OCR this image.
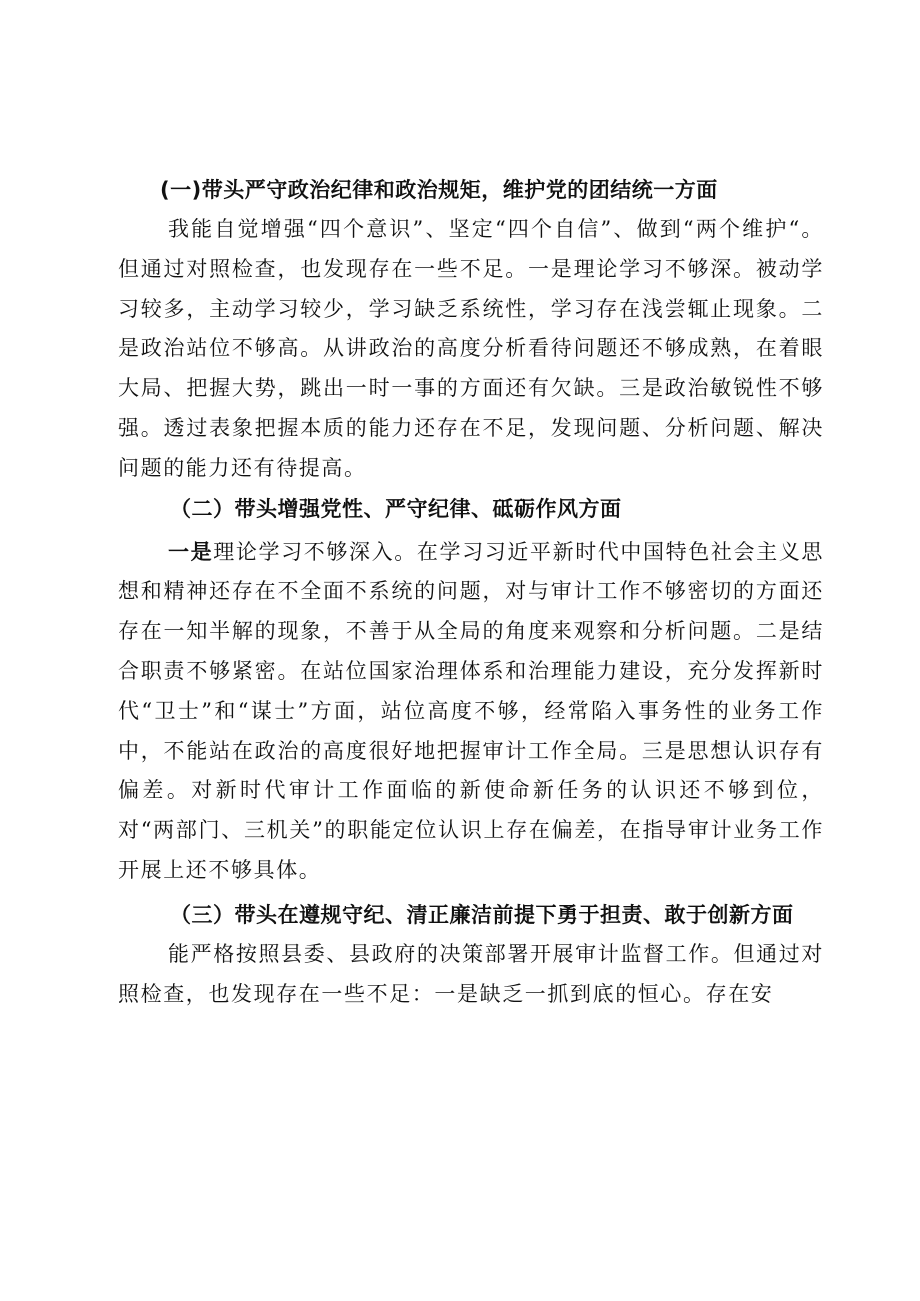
(一)带头严守政治纪律和政治规矩，维护党的团结统一方面

我能自觉增强“四个意识”、坚定“四个自信”、做到“两个维护“。但通过对照检查，也发现存在一些不足。一是理论学习不够深。被动学习较多，主动学习较少，学习缺乏系统性，学习存在浅尝辄止现象。二是政治站位不够高。从讲政治的高度分析看待问题还不够成熟，在着眼大局、把握大势，跳出一时一事的方面还有欠缺。三是政治敏锐性不够强。透过表象把握本质的能力还存在不足，发现问题、分析问题、解决问题的能力还有待提高。

（二）带头增强党性、严守纪律、砥砺作风方面

一是理论学习不够深入。在学习习近平新时代中国特色社会主义思想和精神还存在不全面不系统的问题，对与审计工作不够密切的方面还存在一知半解的现象，不善于从全局的角度来观察和分析问题。二是结合职责不够紧密。在站位国家治理体系和治理能力建设，充分发挥新时代“卫士”和“谋士”方面，站位高度不够，经常陷入事务性的业务工作中，不能站在政治的高度很好地把握审计工作全局。三是思想认识存有偏差。对新时代审计工作面临的新使命新任务的认识还不够到位，对“两部门、三机关”的职能定位认识上存在偏差，在指导审计业务工作开展上还不够具体。

（三）带头在遵规守纪、清正廉洁前提下勇于担责、敢于创新方面

能严格按照县委、县政府的决策部署开展审计监督工作。但通过对照检查，也发现存在一些不足：一是缺乏一抓到底的恒心。存在安
